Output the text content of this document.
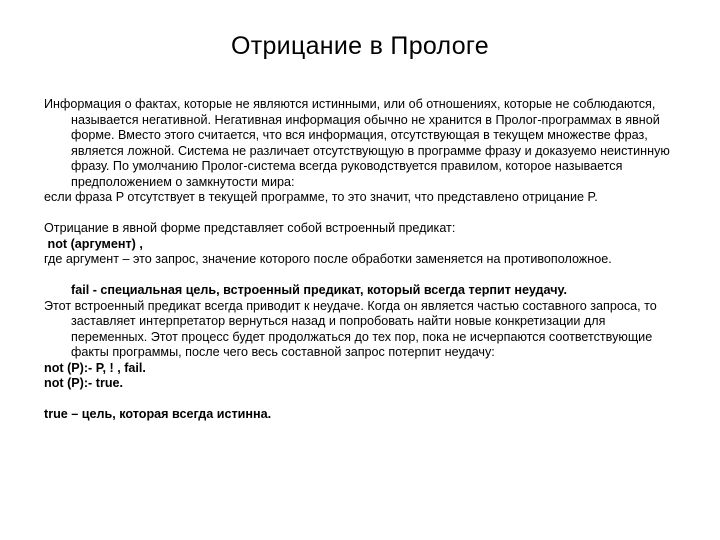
Отрицание в Прологе

Информация о фактах, которые не являются истинными, или об отношениях, которые не соблюдаются, называется негативной. Негативная информация обычно не хранится в Пролог-программах в явной форме. Вместо этого считается, что вся информация, отсутствующая в текущем множестве фраз, является ложной. Система не различает отсутствующую в программе фразу и доказуемо неистинную фразу. По умолчанию Пролог-система всегда руководствуется правилом, которое называется предположением о замкнутости мира:

если фраза P отсутствует в текущей программе, то это значит, что представлено отрицание P.

Отрицание в явной форме представляет собой встроенный предикат:

not (аргумент) ,

где аргумент – это запрос, значение которого после обработки заменяется на противоположное.

fail - специальная цель, встроенный предикат, который всегда терпит неудачу.

Этот встроенный предикат всегда приводит к неудаче. Когда он является частью составного запроса, то заставляет интерпретатор вернуться назад и попробовать найти новые конкретизации для переменных. Этот процесс будет продолжаться до тех пор, пока не исчерпаются соответствующие факты программы, после чего весь составной запрос потерпит неудачу:

not (P):- P, ! , fail.

not (P):- true.

true – цель, которая всегда истинна.
